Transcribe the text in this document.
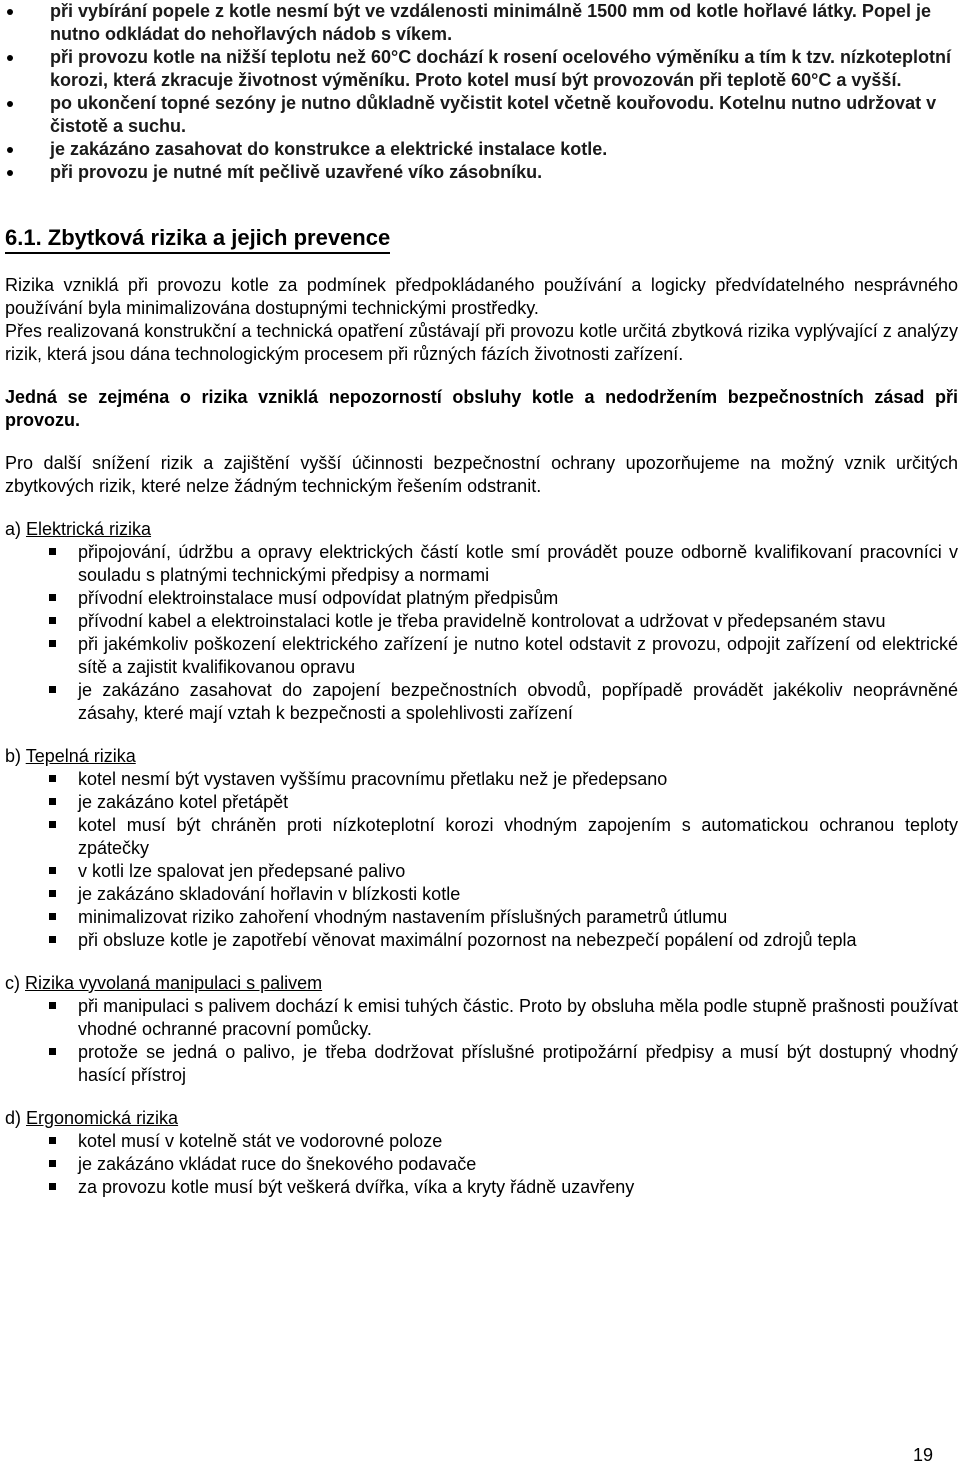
při vybírání popele z kotle nesmí být ve vzdálenosti minimálně 1500 mm od kotle hořlavé látky. Popel je nutno odkládat do nehořlavých nádob s víkem.
při provozu kotle na nižší teplotu než 60°C dochází k rosení ocelového výměníku a tím k tzv. nízkoteplotní korozi, která zkracuje životnost výměníku. Proto kotel musí být provozován při teplotě 60°C a vyšší.
po ukončení topné sezóny je nutno důkladně vyčistit kotel včetně kouřovodu. Kotelnu nutno udržovat v čistotě a suchu.
je zakázáno zasahovat do konstrukce a elektrické instalace kotle.
při provozu je nutné mít pečlivě uzavřené víko zásobníku.
6.1. Zbytková rizika a jejich prevence

Rizika vzniklá při provozu kotle za podmínek předpokládaného používání a logicky předvídatelného nesprávného používání byla minimalizována dostupnými technickými prostředky.

Přes realizovaná konstrukční a technická opatření zůstávají při provozu kotle určitá zbytková rizika vyplývající z analýzy rizik, která jsou dána technologickým procesem při různých fázích životnosti zařízení.

Jedná se zejména o rizika vzniklá nepozorností obsluhy kotle a nedodržením bezpečnostních zásad při provozu.

Pro další snížení rizik a zajištění vyšší účinnosti bezpečnostní ochrany upozorňujeme na možný vznik určitých zbytkových rizik, které nelze žádným technickým řešením odstranit.

a) Elektrická rizika
připojování, údržbu a opravy elektrických částí kotle smí provádět pouze odborně kvalifikovaní pracovníci v souladu s platnými technickými předpisy a normami
přívodní elektroinstalace musí odpovídat platným předpisům
přívodní kabel a elektroinstalaci kotle je třeba pravidelně kontrolovat a udržovat v předepsaném stavu
při jakémkoliv poškození elektrického zařízení je nutno kotel odstavit z provozu, odpojit zařízení od elektrické sítě a zajistit kvalifikovanou opravu
je zakázáno zasahovat do zapojení bezpečnostních obvodů, popřípadě provádět jakékoliv neoprávněné zásahy, které mají vztah k bezpečnosti a spolehlivosti zařízení
b) Tepelná rizika
kotel nesmí být vystaven vyššímu pracovnímu přetlaku než je předepsano
je zakázáno kotel přetápět
kotel musí být chráněn proti nízkoteplotní korozi vhodným zapojením s automatickou ochranou teploty zpátečky
v kotli lze spalovat jen předepsané palivo
je zakázáno skladování hořlavin v blízkosti kotle
minimalizovat riziko zahoření vhodným nastavením příslušných parametrů útlumu
při obsluze kotle je zapotřebí věnovat maximální pozornost na nebezpečí popálení od zdrojů tepla
c) Rizika vyvolaná manipulaci s palivem
při manipulaci s palivem dochází k emisi tuhých částic. Proto by obsluha měla podle stupně prašnosti používat vhodné ochranné pracovní pomůcky.
protože se jedná o palivo, je třeba dodržovat příslušné protipožární předpisy a musí být dostupný vhodný hasící přístroj
d) Ergonomická rizika
kotel musí v kotelně stát ve vodorovné poloze
je zakázáno vkládat ruce do šnekového podavače
za provozu kotle musí být veškerá dvířka, víka a kryty řádně uzavřeny
19
